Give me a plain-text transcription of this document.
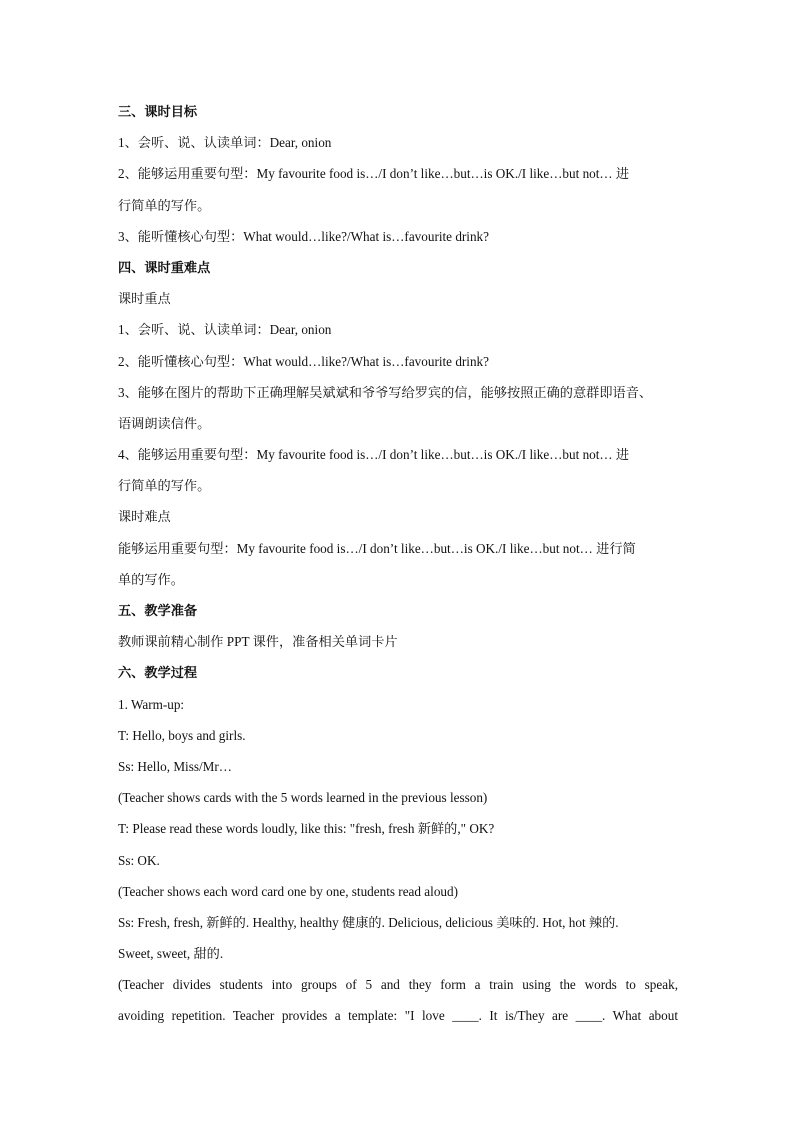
三、课时目标
1、会听、说、认读单词：Dear, onion
2、能够运用重要句型：My favourite food is…/I don’t like…but…is OK./I like…but not… 进
行简单的写作。
3、能听懂核心句型：What would…like?/What is…favourite drink?
四、课时重难点
课时重点
1、会听、说、认读单词：Dear, onion
2、能听懂核心句型：What would…like?/What is…favourite drink?
3、能够在图片的帮助下正确理解吴斌斌和爷爷写给罗宾的信，能够按照正确的意群即语音、
语调朗读信件。
4、能够运用重要句型：My favourite food is…/I don’t like…but…is OK./I like…but not… 进
行简单的写作。
课时难点
能够运用重要句型：My favourite food is…/I don’t like…but…is OK./I like…but not… 进行简
单的写作。
五、教学准备
教师课前精心制作 PPT 课件，准备相关单词卡片
六、教学过程
1. Warm-up:
T: Hello, boys and girls.
Ss: Hello, Miss/Mr…
(Teacher shows cards with the 5 words learned in the previous lesson)
T: Please read these words loudly, like this: "fresh, fresh 新鲜的," OK?
Ss: OK.
(Teacher shows each word card one by one, students read aloud)
Ss: Fresh, fresh, 新鲜的. Healthy, healthy 健康的. Delicious, delicious 美味的. Hot, hot 辣的.
Sweet, sweet, 甜的.
(Teacher divides students into groups of 5 and they form a train using the words to speak,
avoiding repetition. Teacher provides a template: "I love ____. It is/They are ____. What about
